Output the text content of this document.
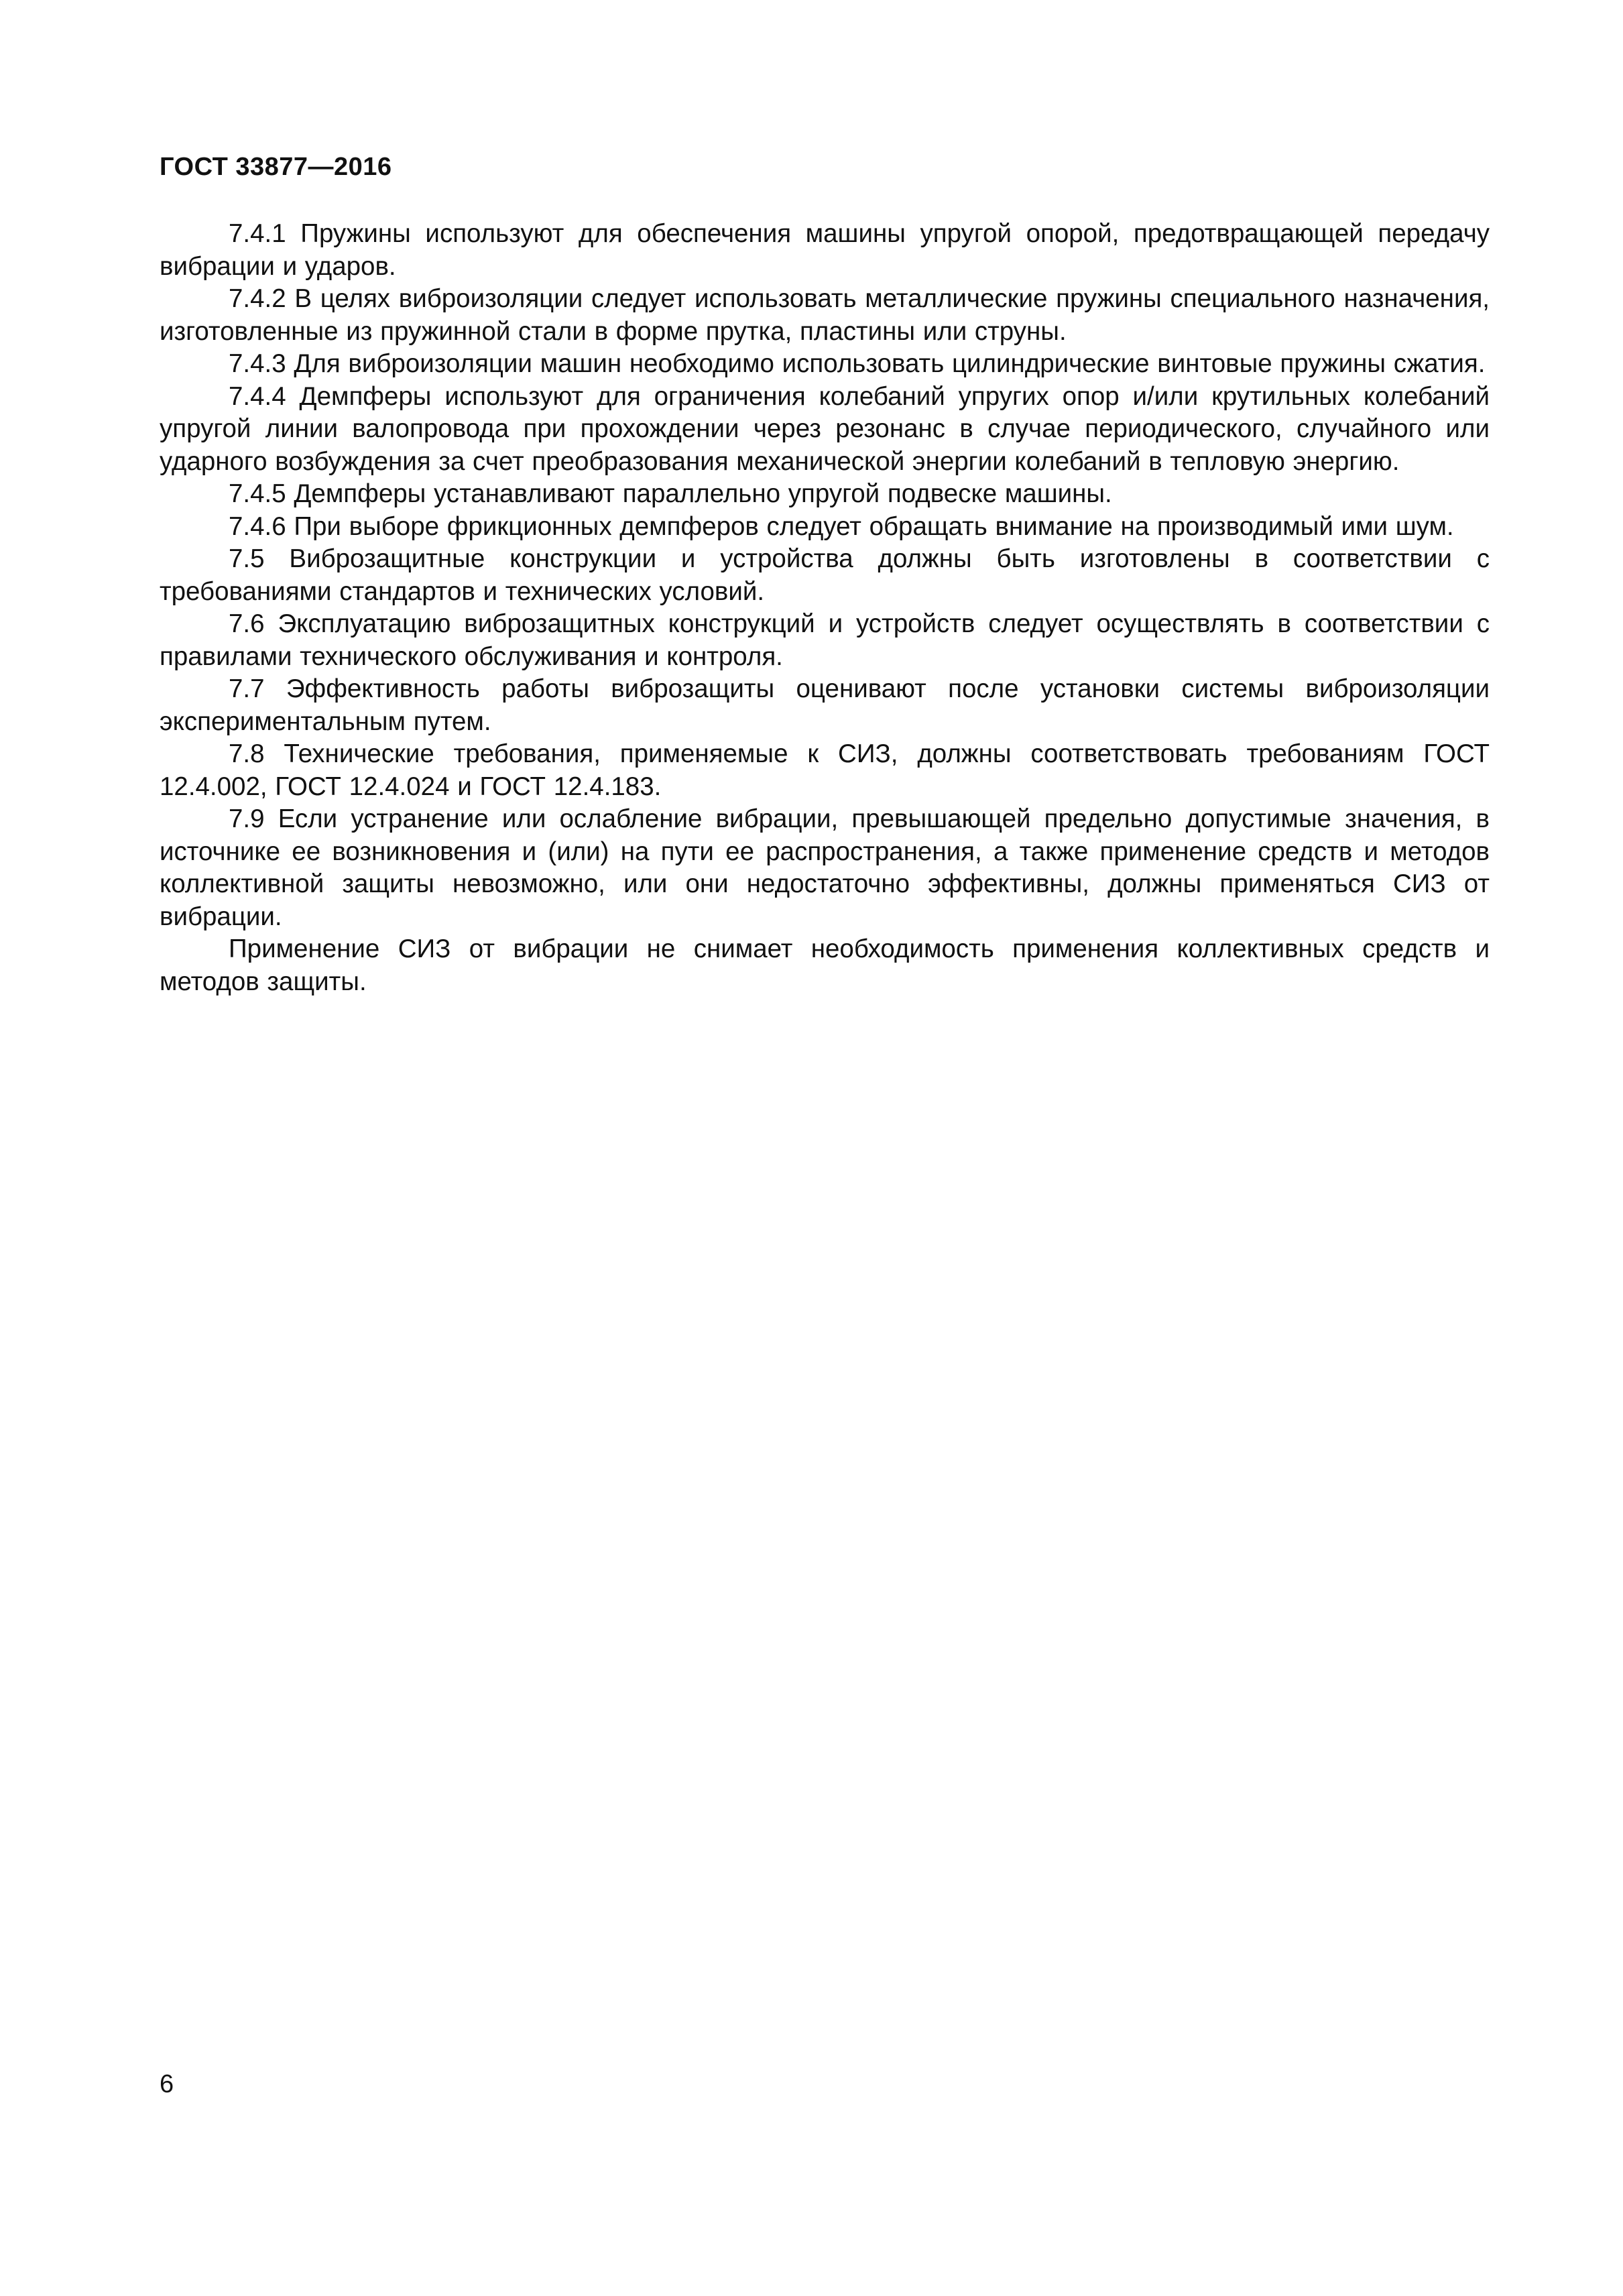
ГОСТ 33877—2016

7.4.1 Пружины используют для обеспечения машины упругой опорой, предотвращающей передачу вибрации и ударов.

7.4.2 В целях виброизоляции следует использовать металлические пружины специального назначения, изготовленные из пружинной стали в форме прутка, пластины или струны.

7.4.3 Для виброизоляции машин необходимо использовать цилиндрические винтовые пружины сжатия.

7.4.4 Демпферы используют для ограничения колебаний упругих опор и/или крутильных колебаний упругой линии валопровода при прохождении через резонанс в случае периодического, случайного или ударного возбуждения за счет преобразования механической энергии колебаний в тепловую энергию.

7.4.5 Демпферы устанавливают параллельно упругой подвеске машины.

7.4.6 При выборе фрикционных демпферов следует обращать внимание на производимый ими шум.

7.5 Виброзащитные конструкции и устройства должны быть изготовлены в соответствии с требованиями стандартов и технических условий.

7.6 Эксплуатацию виброзащитных конструкций и устройств следует осуществлять в соответствии с правилами технического обслуживания и контроля.

7.7 Эффективность работы виброзащиты оценивают после установки системы виброизоляции экспериментальным путем.

7.8 Технические требования, применяемые к СИЗ, должны соответствовать требованиям ГОСТ 12.4.002, ГОСТ 12.4.024 и ГОСТ 12.4.183.

7.9 Если устранение или ослабление вибрации, превышающей предельно допустимые значения, в источнике ее возникновения и (или) на пути ее распространения, а также применение средств и методов коллективной защиты невозможно, или они недостаточно эффективны, должны применяться СИЗ от вибрации.

Применение СИЗ от вибрации не снимает необходимость применения коллективных средств и методов защиты.

6
